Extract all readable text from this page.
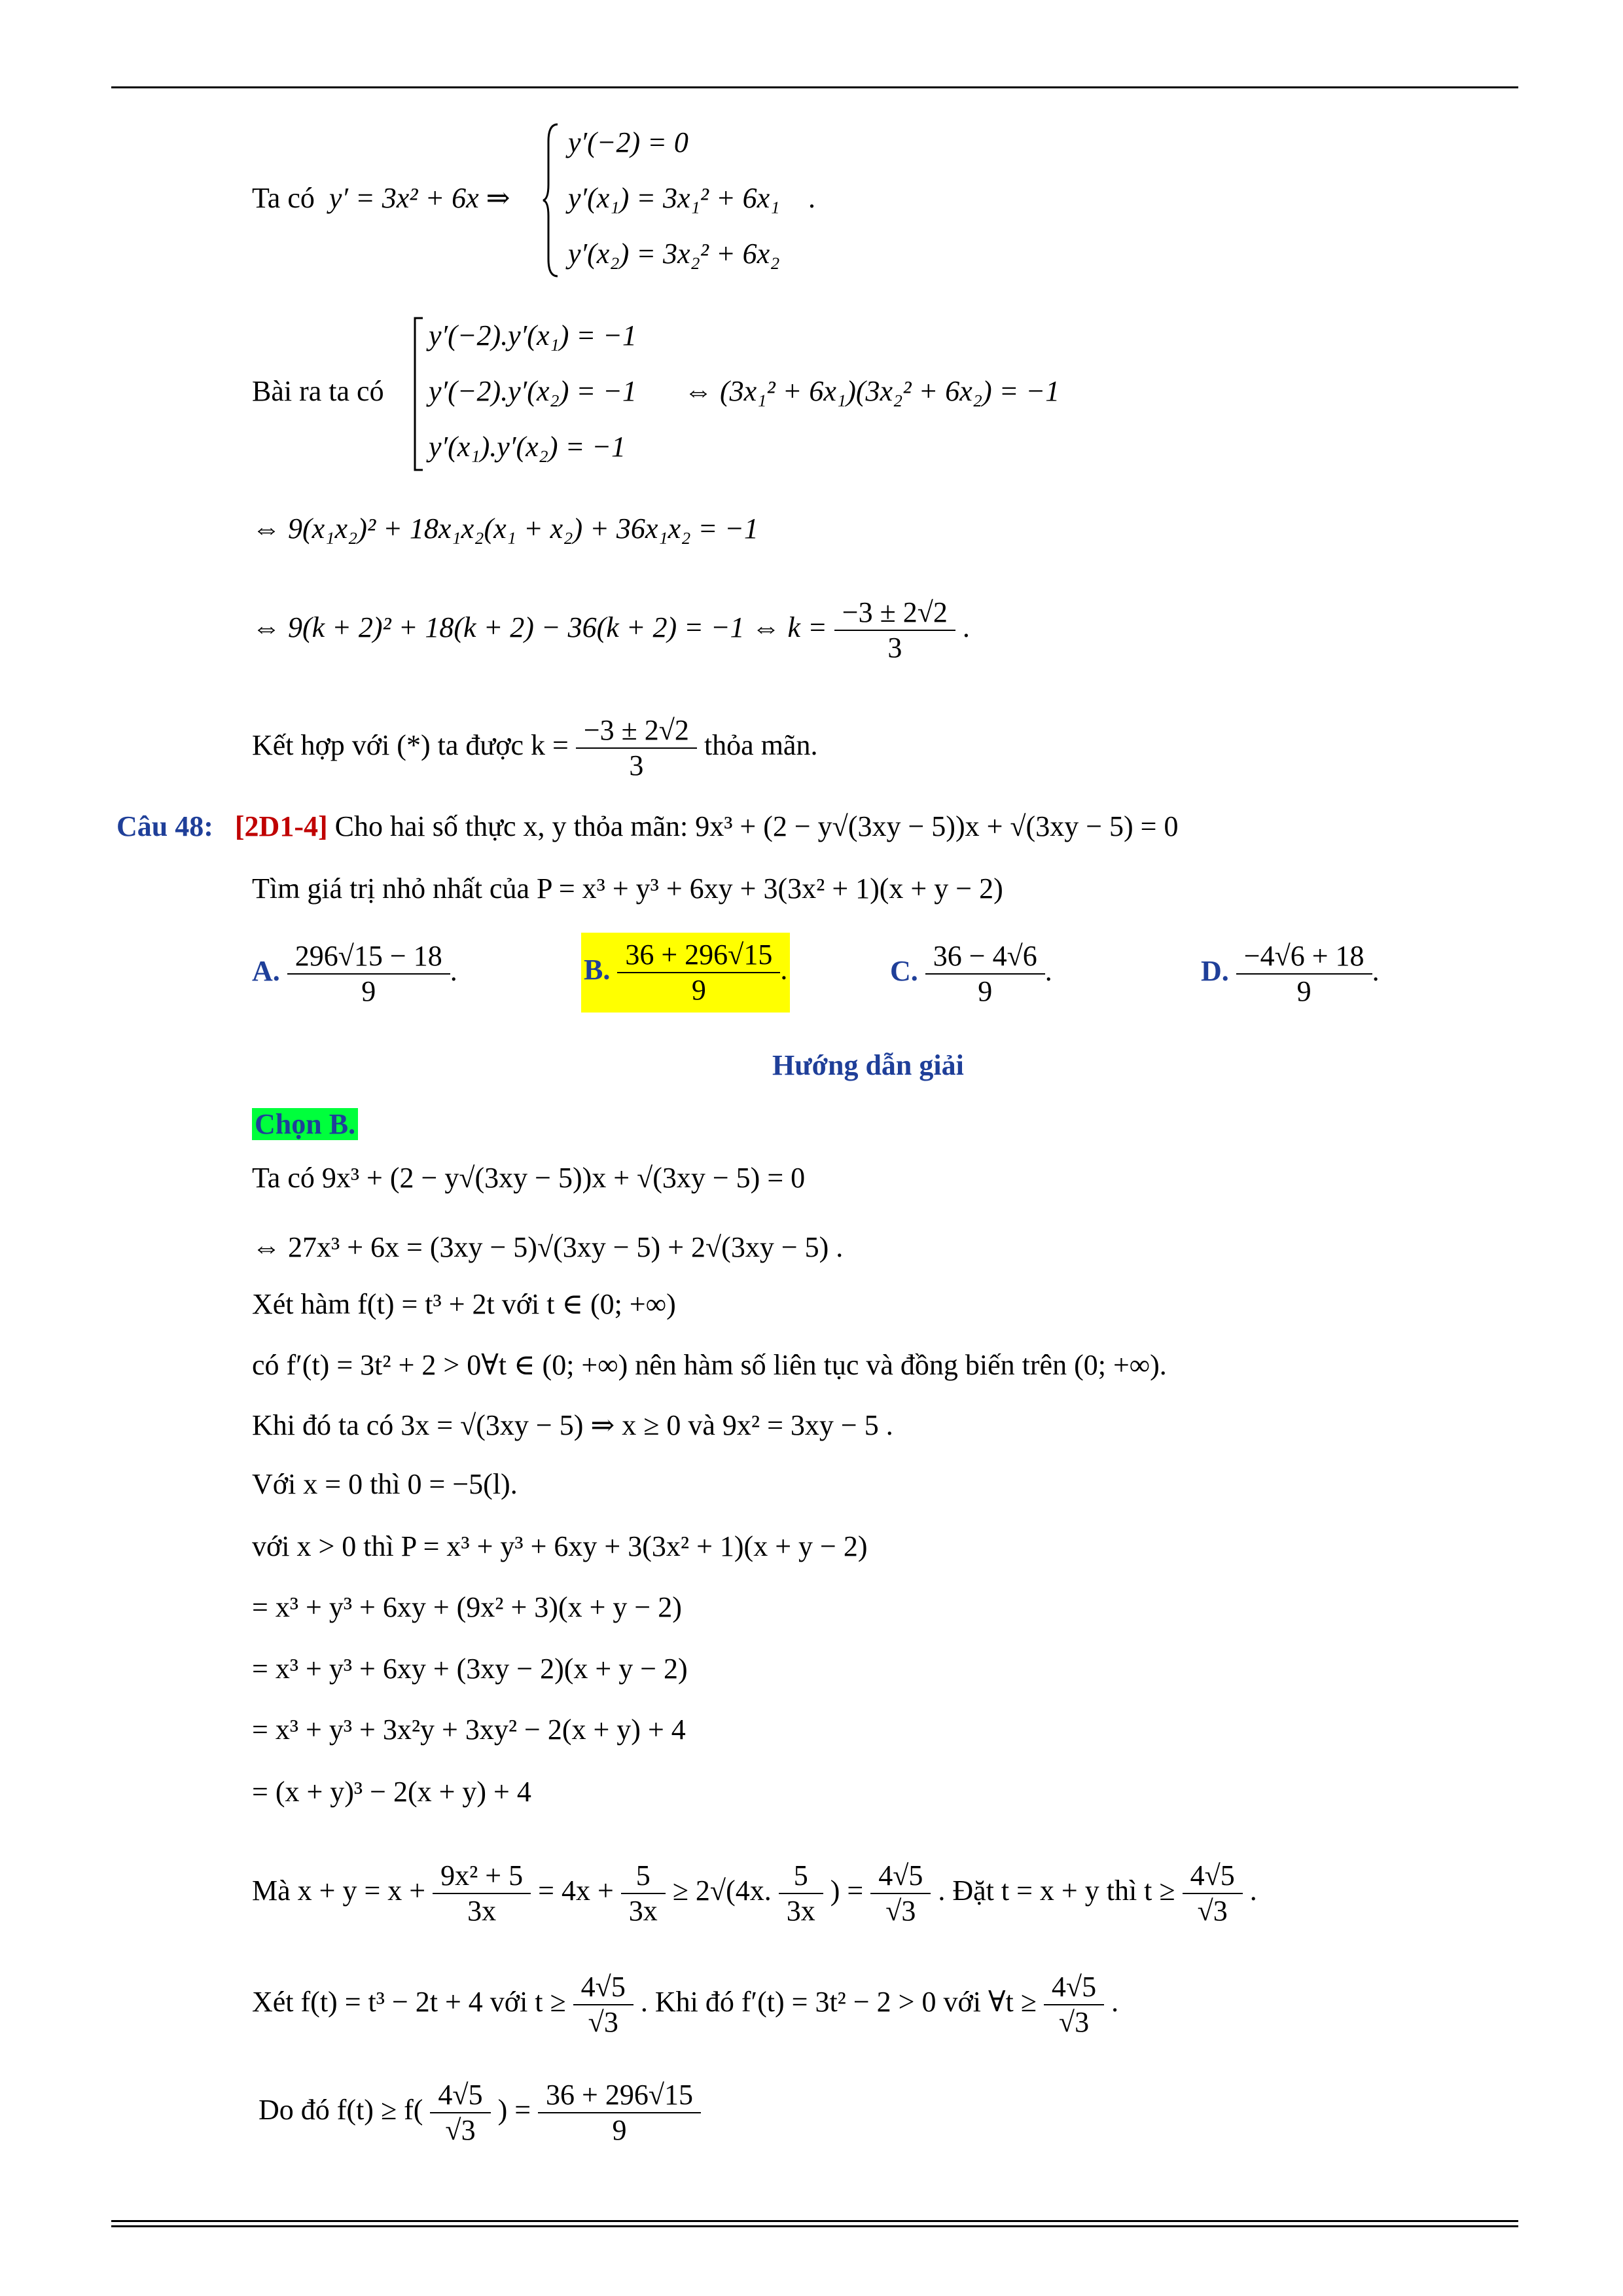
Ta có y′ = 3x² + 6x ⇒
y′(−2) = 0
y′(x₁) = 3x₁² + 6x₁
y′(x₂) = 3x₂² + 6x₂
.
Bài ra ta có
y′(−2).y′(x₁) = −1
y′(−2).y′(x₂) = −1
y′(x₁).y′(x₂) = −1
⇔ (3x₁² + 6x₁)(3x₂² + 6x₂) = −1
⇔ 9(x₁x₂)² + 18x₁x₂(x₁ + x₂) + 36x₁x₂ = −1
⇔ 9(k + 2)² + 18(k + 2) − 36(k + 2) = −1 ⇔ $k = \frac{-3 \pm 2√2}{3}$ .
Kết hợp với (*) ta được $k = \frac{-3 \pm 2√2}{3}$ thỏa mãn.
Câu 48: [2D1-4] Cho hai số thực x, y thỏa mãn: 9x³ + (2 − y√(3xy − 5))x + √(3xy − 5) = 0
Tìm giá trị nhỏ nhất của P = x³ + y³ + 6xy + 3(3x² + 1)(x + y − 2)
A. $\frac{296√15 - 18}{9}$ .	B. $\frac{36 + 296√15}{9}$ .	C. $\frac{36 - 4√6}{9}$ .	D. $\frac{-4√6 + 18}{9}$ .
Hướng dẫn giải
Chọn B.
Ta có 9x³ + (2 − y√(3xy − 5))x + √(3xy − 5) = 0
⇔ 27x³ + 6x = (3xy − 5)√(3xy − 5) + 2√(3xy − 5) .
Xét hàm f(t) = t³ + 2t với t ∈ (0; +∞)
có f′(t) = 3t² + 2 > 0∀t ∈ (0; +∞) nên hàm số liên tục và đồng biến trên (0; +∞).
Khi đó ta có 3x = √(3xy − 5) ⇒ x ≥ 0 và 9x² = 3xy − 5 .
Với x = 0 thì 0 = −5(l).
với x > 0 thì P = x³ + y³ + 6xy + 3(3x² + 1)(x + y − 2)
= x³ + y³ + 6xy + (9x² + 3)(x + y − 2)
= x³ + y³ + 6xy + (3xy − 2)(x + y − 2)
= x³ + y³ + 3x²y + 3xy² − 2(x + y) + 4
= (x + y)³ − 2(x + y) + 4
Mà $x + y = x + \frac{\text{9x² + 5}}{3x} = 4x + \frac{5}{3x} \ge 2√(4x$. $\frac{5}{3x}$ ) = $\frac{4√5}{√3}$ . Đặt t = x + y thì $t \ge \frac{4√5}{√3}$ .
Xét f(t) = t³ − 2t + 4 với $t \ge \frac{4√5}{√3}$ . Khi đó f′(t) = 3t² − 2 > 0 với ∀t ≥ $\frac{4√5}{√3}$ .
Do đó $f(t) \ge f( \frac{4√5}{√3}$ ) = $\frac{36 + 296√15}{9}$
